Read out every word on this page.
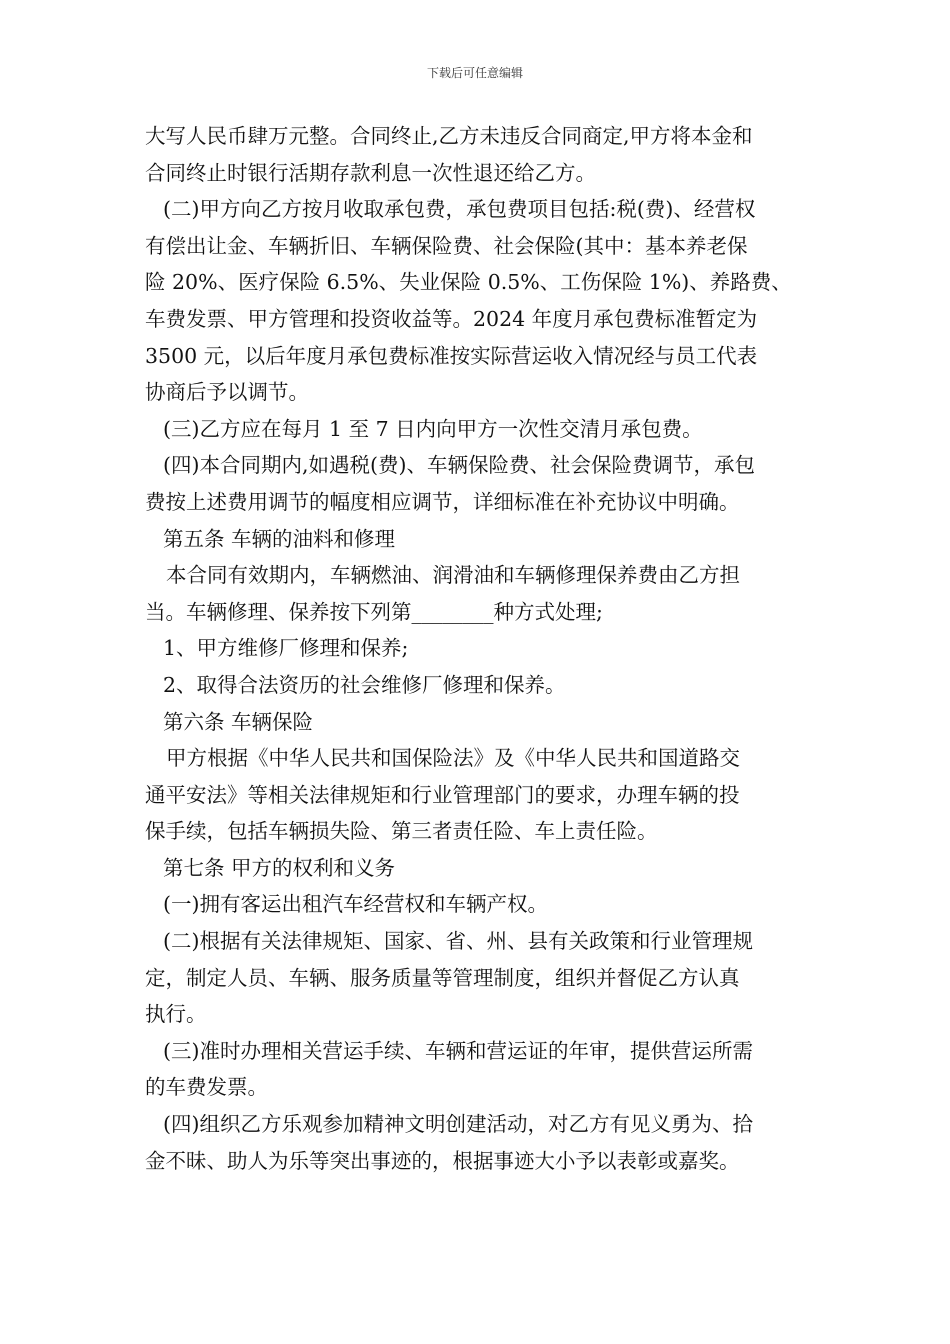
下载后可任意编辑
大写人民币肆万元整。合同终止,乙方未违反合同商定,甲方将本金和
合同终止时银行活期存款利息一次性退还给乙方。
(二)甲方向乙方按月收取承包费，承包费项目包括:税(费)、经营权
有偿出让金、车辆折旧、车辆保险费、社会保险(其中：基本养老保
险 20%、医疗保险 6.5%、失业保险 0.5%、工伤保险 1%)、养路费、
车费发票、甲方管理和投资收益等。2024 年度月承包费标准暂定为
3500 元，以后年度月承包费标准按实际营运收入情况经与员工代表
协商后予以调节。
(三)乙方应在每月 1 至 7 日内向甲方一次性交清月承包费。
(四)本合同期内,如遇税(费)、车辆保险费、社会保险费调节，承包
费按上述费用调节的幅度相应调节，详细标准在补充协议中明确。
第五条 车辆的油料和修理
本合同有效期内，车辆燃油、润滑油和车辆修理保养费由乙方担
当。车辆修理、保养按下列第________种方式处理;
1、甲方维修厂修理和保养;
2、取得合法资历的社会维修厂修理和保养。
第六条 车辆保险
甲方根据《中华人民共和国保险法》及《中华人民共和国道路交
通平安法》等相关法律规矩和行业管理部门的要求，办理车辆的投
保手续，包括车辆损失险、第三者责任险、车上责任险。
第七条 甲方的权利和义务
(一)拥有客运出租汽车经营权和车辆产权。
(二)根据有关法律规矩、国家、省、州、县有关政策和行业管理规
定，制定人员、车辆、服务质量等管理制度，组织并督促乙方认真
执行。
(三)准时办理相关营运手续、车辆和营运证的年审，提供营运所需
的车费发票。
(四)组织乙方乐观参加精神文明创建活动，对乙方有见义勇为、拾
金不昧、助人为乐等突出事迹的，根据事迹大小予以表彰或嘉奖。
